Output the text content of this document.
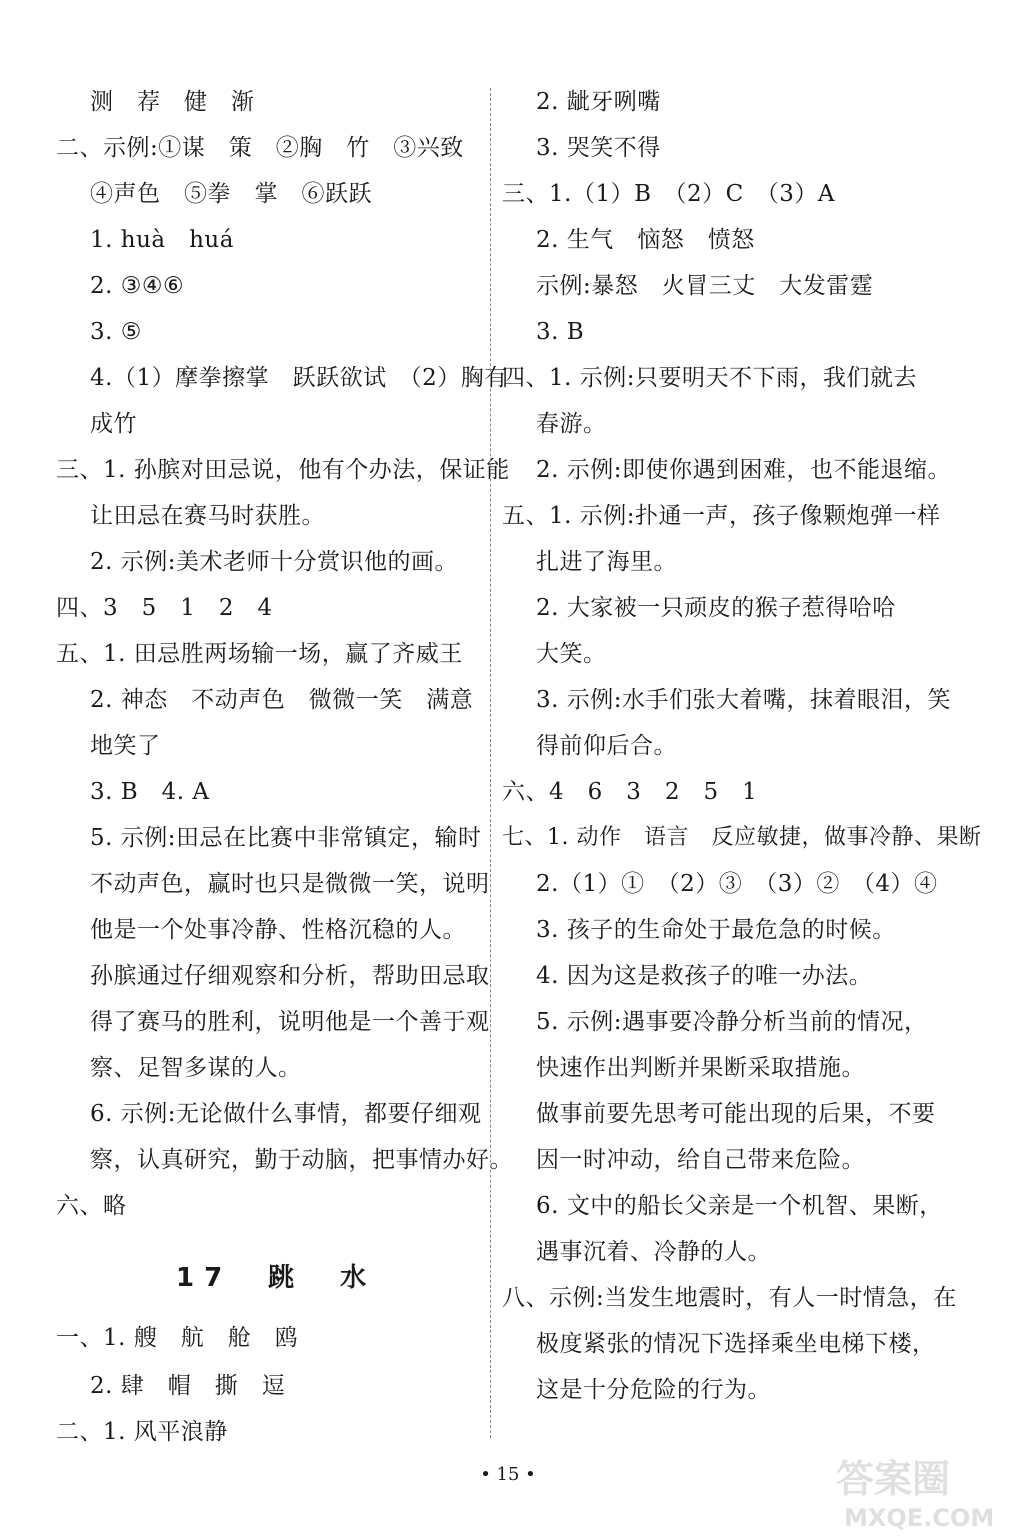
测　荐　健　渐
二、示例:①谋　策　②胸　竹　③兴致
④声色　⑤拳　掌　⑥跃跃
1. huà　huá
2. ③④⑥
3. ⑤
4.（1）摩拳擦掌　跃跃欲试　（2）胸有
成竹
三、1. 孙膑对田忌说，他有个办法，保证能
让田忌在赛马时获胜。
2. 示例:美术老师十分赏识他的画。
四、3　5　1　2　4
五、1. 田忌胜两场输一场，赢了齐威王
2. 神态　不动声色　微微一笑　满意
地笑了
3. B　4. A
5. 示例:田忌在比赛中非常镇定，输时
不动声色，赢时也只是微微一笑，说明
他是一个处事冷静、性格沉稳的人。
孙膑通过仔细观察和分析，帮助田忌取
得了赛马的胜利，说明他是一个善于观
察、足智多谋的人。
6. 示例:无论做什么事情，都要仔细观
察，认真研究，勤于动脑，把事情办好。
六、略
一、1. 艘　航　舱　鸥
2. 肆　帽　撕　逗
二、1. 风平浪静
17　跳　水
2. 龇牙咧嘴
3. 哭笑不得
三、1.（1）B　（2）C　（3）A
2. 生气　恼怒　愤怒
示例:暴怒　火冒三丈　大发雷霆
3. B
四、1. 示例:只要明天不下雨，我们就去
春游。
2. 示例:即使你遇到困难，也不能退缩。
五、1. 示例:扑通一声，孩子像颗炮弹一样
扎进了海里。
2. 大家被一只顽皮的猴子惹得哈哈
大笑。
3. 示例:水手们张大着嘴，抹着眼泪，笑
得前仰后合。
六、4　6　3　2　5　1
七、1. 动作　语言　反应敏捷，做事冷静、果断
2.（1）①　（2）③　（3）②　（4）④
3. 孩子的生命处于最危急的时候。
4. 因为这是救孩子的唯一办法。
5. 示例:遇事要冷静分析当前的情况，
快速作出判断并果断采取措施。
做事前要先思考可能出现的后果，不要
因一时冲动，给自己带来危险。
6. 文中的船长父亲是一个机智、果断，
遇事沉着、冷静的人。
八、示例:当发生地震时，有人一时情急，在
极度紧张的情况下选择乘坐电梯下楼，
这是十分危险的行为。
• 15 •	答案圈
MXQE.COM
